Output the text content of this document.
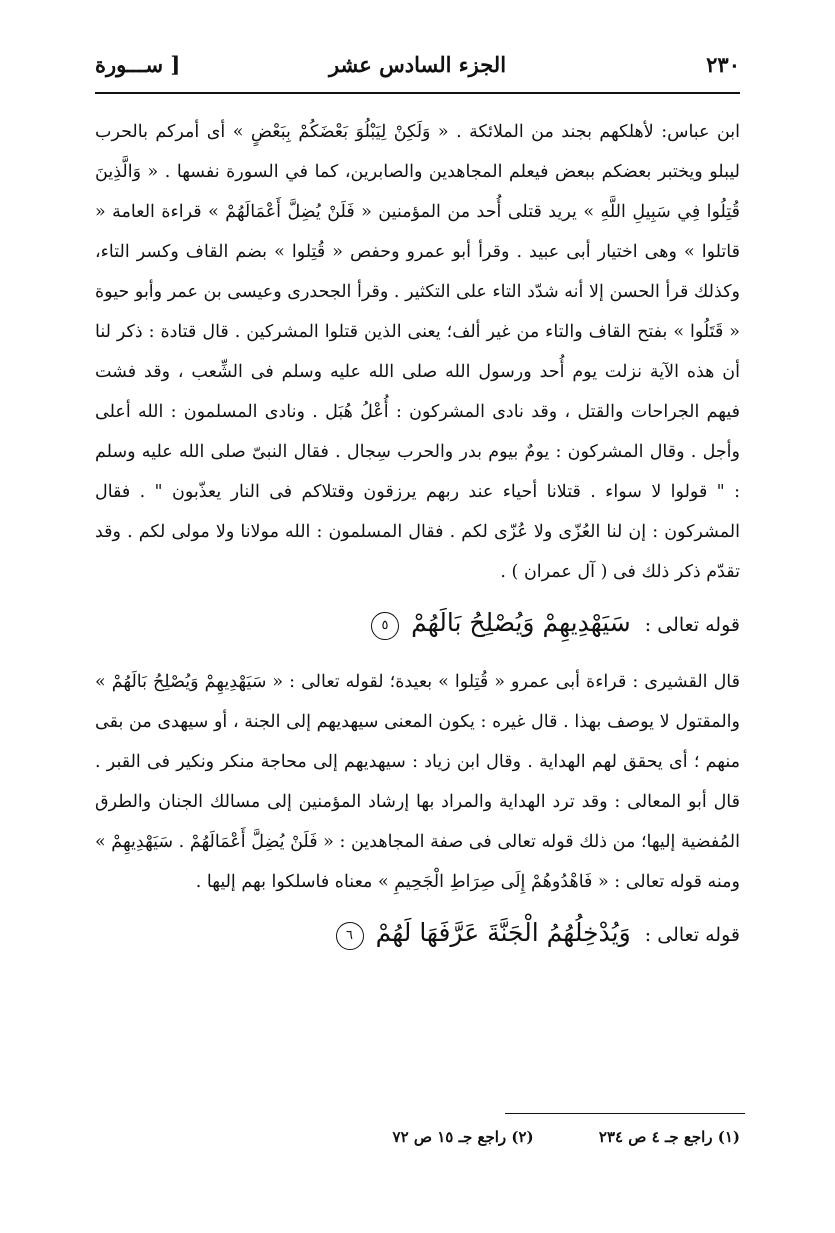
٢٣٠
الجزء السادس عشر
[ ســـورة

ابن عباس: لأهلكهم بجند من الملائكة . « وَلَكِنْ لِيَبْلُوَ بَعْضَكُمْ بِبَعْضٍ » أى أمركم بالحرب ليبلو ويختبر بعضكم ببعض فيعلم المجاهدين والصابرين، كما في السورة نفسها . « وَالَّذِينَ قُتِلُوا فِي سَبِيلِ اللَّهِ » يريد قتلى أُحد من المؤمنين « فَلَنْ يُضِلَّ أَعْمَالَهُمْ » قراءة العامة « قاتلوا » وهى اختيار أبى عبيد . وقرأ أبو عمرو وحفص « قُتِلوا » بضم القاف وكسر التاء، وكذلك قرأ الحسن إلا أنه شدّد التاء على التكثير . وقرأ الجحدرى وعيسى بن عمر وأبو حيوة « قَتَلُوا » بفتح القاف والتاء من غير ألف؛ يعنى الذين قتلوا المشركين . قال قتادة : ذكر لنا أن هذه الآية نزلت يوم أُحد ورسول الله صلى الله عليه وسلم فى الشِّعب ، وقد فشت فيهم الجراحات والقتل ، وقد نادى المشركون : أُعْلُ هُبَل . ونادى المسلمون : الله أعلى وأجل . وقال المشركون : يومٌ بيوم بدر والحرب سِجال . فقال النبىّ صلى الله عليه وسلم : " قولوا لا سواء . قتلانا أحياء عند ربهم يرزقون وقتلاكم فى النار يعذّبون " . فقال المشركون : إن لنا العُزّى ولا عُزّى لكم . فقال المسلمون : الله مولانا ولا مولى لكم . وقد تقدّم ذكر ذلك فى ( آل عمران ) .

قوله تعالى : سَيَهْدِيهِمْ وَيُصْلِحُ بَالَهُمْ ٥

قال القشيرى : قراءة أبى عمرو « قُتِلوا » بعيدة؛ لقوله تعالى : « سَيَهْدِيهِمْ وَيُصْلِحُ بَالَهُمْ » والمقتول لا يوصف بهذا . قال غيره : يكون المعنى سيهديهم إلى الجنة ، أو سيهدى من بقى منهم ؛ أى يحقق لهم الهداية . وقال ابن زياد : سيهديهم إلى محاجة منكر ونكير فى القبر . قال أبو المعالى : وقد ترد الهداية والمراد بها إرشاد المؤمنين إلى مسالك الجنان والطرق المُفضية إليها؛ من ذلك قوله تعالى فى صفة المجاهدين : « فَلَنْ يُضِلَّ أَعْمَالَهُمْ . سَيَهْدِيهِمْ » ومنه قوله تعالى : « فَاهْدُوهُمْ إِلَى صِرَاطِ الْجَحِيمِ » معناه فاسلكوا بهم إليها .

قوله تعالى : وَيُدْخِلُهُمُ الْجَنَّةَ عَرَّفَهَا لَهُمْ ٦
(١) راجع جـ ٤ ص ٢٣٤ (٢) راجع جـ ١٥ ص ٧٢
